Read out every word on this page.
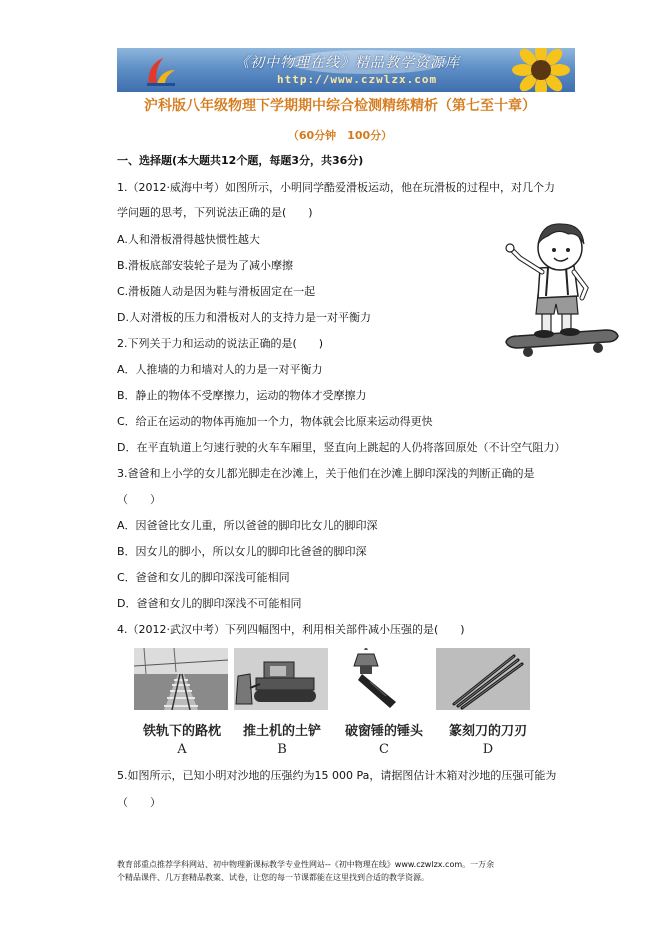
《初中物理在线》精品教学资源库
http://www.czwlzx.com
沪科版八年级物理下学期期中综合检测精练精析（第七至十章）
（60分钟　100分）
一、选择题(本大题共12个题，每题3分，共36分)
1.（2012·威海中考）如图所示，小明同学酷爱滑板运动，他在玩滑板的过程中，对几个力
学问题的思考，下列说法正确的是(　　)
A.人和滑板滑得越快惯性越大
B.滑板底部安装轮子是为了减小摩擦
C.滑板随人动是因为鞋与滑板固定在一起
D.人对滑板的压力和滑板对人的支持力是一对平衡力
2.下列关于力和运动的说法正确的是(　　)
A．人推墙的力和墙对人的力是一对平衡力
B．静止的物体不受摩擦力，运动的物体才受摩擦力
C．给正在运动的物体再施加一个力，物体就会比原来运动得更快
D．在平直轨道上匀速行驶的火车车厢里，竖直向上跳起的人仍将落回原处（不计空气阻力）
3.爸爸和上小学的女儿都光脚走在沙滩上，关于他们在沙滩上脚印深浅的判断正确的是
（　　）
A．因爸爸比女儿重，所以爸爸的脚印比女儿的脚印深
B．因女儿的脚小，所以女儿的脚印比爸爸的脚印深
C．爸爸和女儿的脚印深浅可能相同
D．爸爸和女儿的脚印深浅不可能相同
4.（2012·武汉中考）下列四幅图中，利用相关部件减小压强的是(　　)
铁轨下的路枕	推土机的土铲	破窗锤的锤头	篆刻刀的刀刃
A	B	C	D
5.如图所示，已知小明对沙地的压强约为15 000 Pa，请据图估计木箱对沙地的压强可能为
（　　）
教育部重点推荐学科网站、初中物理新课标教学专业性网站--《初中物理在线》www.czwlzx.com。一万余
个精品课件、几万套精品教案、试卷，让您的每一节课都能在这里找到合适的教学资源。
